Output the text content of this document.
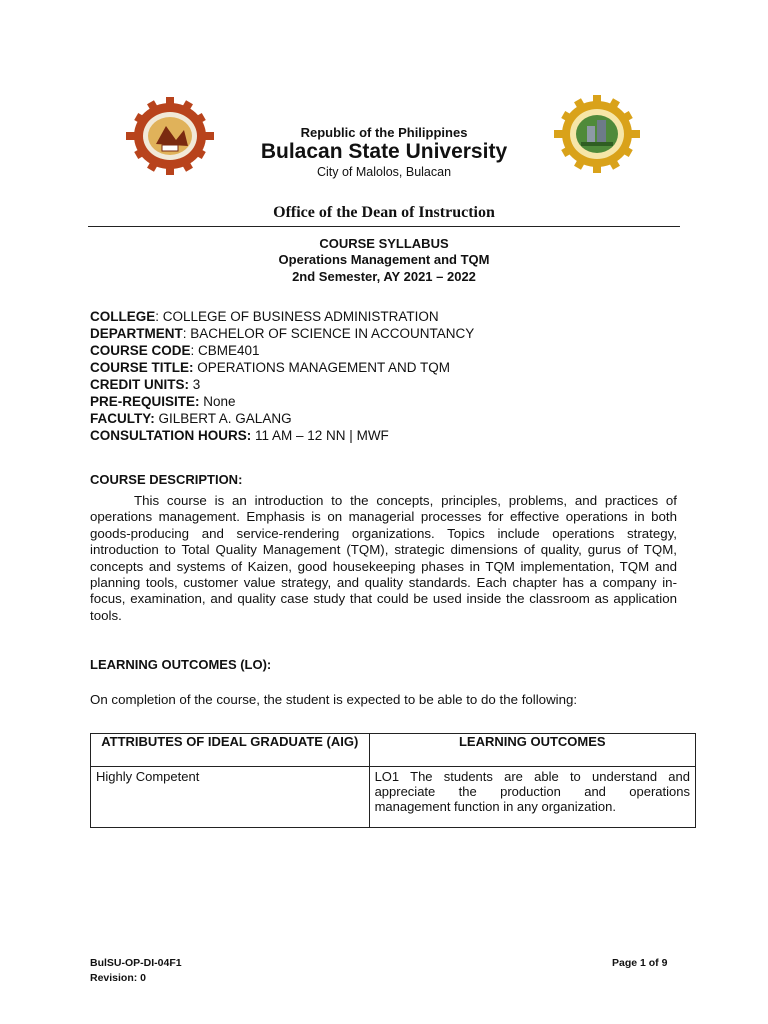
Republic of the Philippines
Bulacan State University
City of Malolos, Bulacan
Office of the Dean of Instruction
COURSE SYLLABUS
Operations Management and TQM
2nd Semester, AY 2021 – 2022
COLLEGE: COLLEGE OF BUSINESS ADMINISTRATION
DEPARTMENT: BACHELOR OF SCIENCE IN ACCOUNTANCY
COURSE CODE: CBME401
COURSE TITLE: OPERATIONS MANAGEMENT AND TQM
CREDIT UNITS: 3
PRE-REQUISITE: None
FACULTY: GILBERT A. GALANG
CONSULTATION HOURS: 11 AM – 12 NN | MWF
COURSE DESCRIPTION:
This course is an introduction to the concepts, principles, problems, and practices of operations management. Emphasis is on managerial processes for effective operations in both goods-producing and service-rendering organizations. Topics include operations strategy, introduction to Total Quality Management (TQM), strategic dimensions of quality, gurus of TQM, concepts and systems of Kaizen, good housekeeping phases in TQM implementation, TQM and planning tools, customer value strategy, and quality standards. Each chapter has a company in-focus, examination, and quality case study that could be used inside the classroom as application tools.
LEARNING OUTCOMES (LO):
On completion of the course, the student is expected to be able to do the following:
ATTRIBUTES OF IDEAL GRADUATE (AIG)	LEARNING OUTCOMES
Highly Competent	LO1 The students are able to understand and appreciate the production and operations management function in any organization.
BulSU-OP-DI-04F1
Revision: 0
Page 1 of 9
